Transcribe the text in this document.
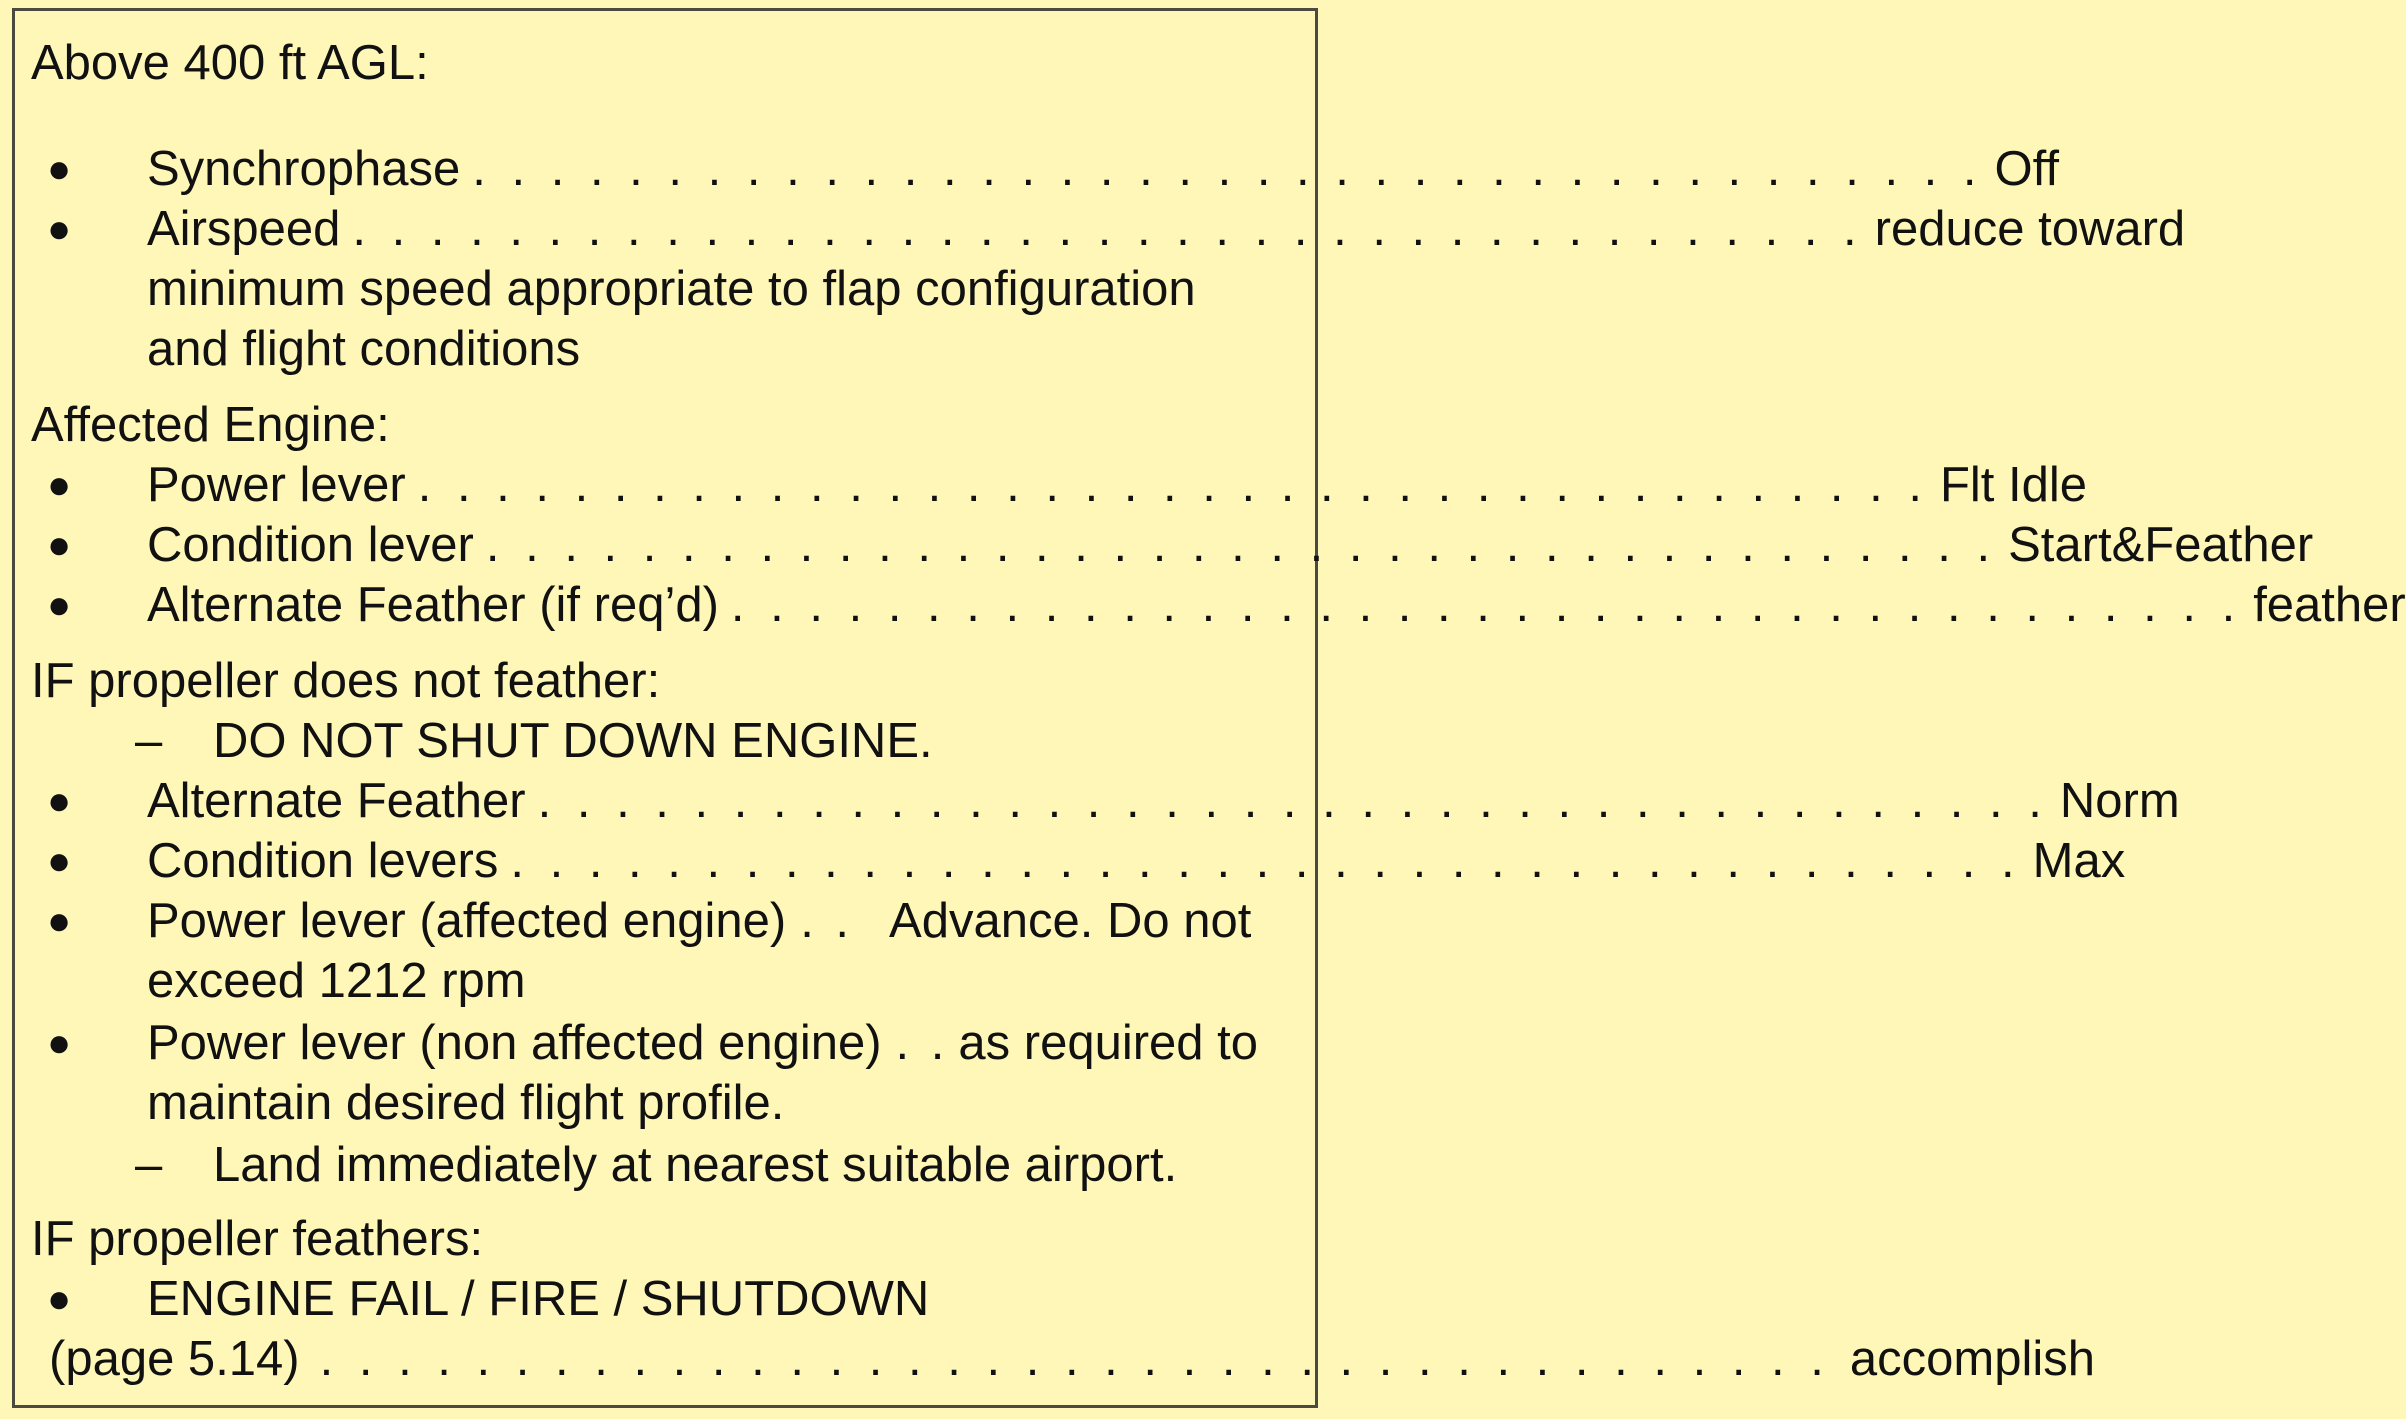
Above 400 ft AGL:
● Synchrophase . . . . . . . . . . . . . . . . . . . . . . . . . . . . . . . . . . . . . . . Off
● Airspeed . . . . . . . . . . . . . . . . . . . . . . . . . . . . . . . . . . . . . . . reduce toward
minimum speed appropriate to flap configuration
and flight conditions
Affected Engine:
● Power lever . . . . . . . . . . . . . . . . . . . . . . . . . . . . . . . . . . . . . . . Flt Idle
● Condition lever . . . . . . . . . . . . . . . . . . . . . . . . . . . . . . . . . . . . . . . Start&Feather
● Alternate Feather (if req’d) . . . . . . . . . . . . . . . . . . . . . . . . . . . . . . . . . . . . . . . feather
IF propeller does not feather:
– DO NOT SHUT DOWN ENGINE.
● Alternate Feather . . . . . . . . . . . . . . . . . . . . . . . . . . . . . . . . . . . . . . . Norm
● Condition levers . . . . . . . . . . . . . . . . . . . . . . . . . . . . . . . . . . . . . . . Max
● Power lever (affected engine) . . Advance. Do not
exceed 1212 rpm
● Power lever (non affected engine) . . as required to
maintain desired flight profile.
– Land immediately at nearest suitable airport.
IF propeller feathers:
● ENGINE FAIL / FIRE / SHUTDOWN
(page 5.14) . . . . . . . . . . . . . . . . . . . . . . . . . . . . . . . . . . . . . . . accomplish
